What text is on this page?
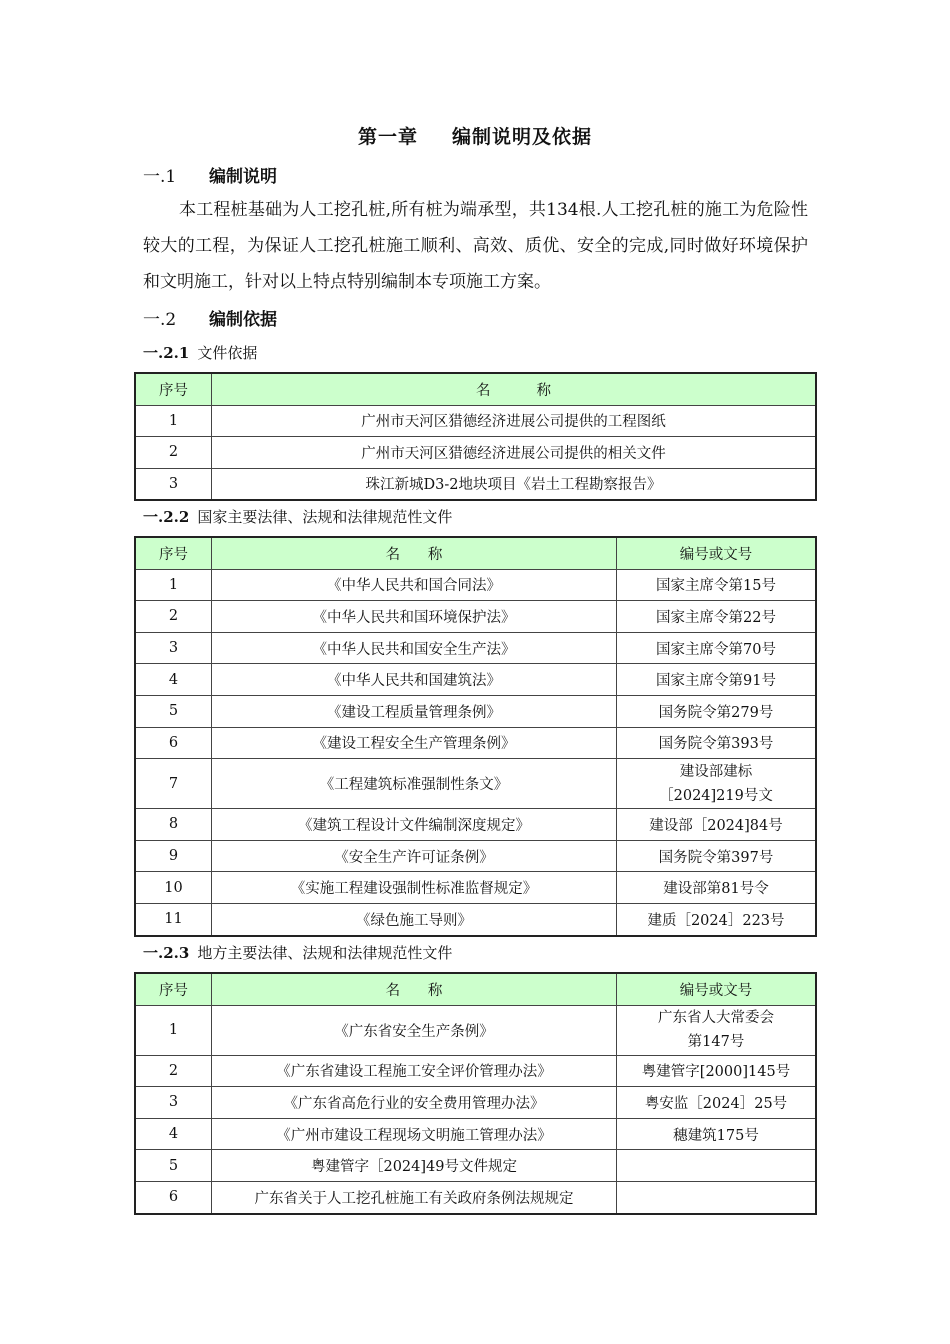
第一章 编制说明及依据
一.1 编制说明
本工程桩基础为人工挖孔桩,所有桩为端承型，共134根.人工挖孔桩的施工为危险性较大的工程，为保证人工挖孔桩施工顺利、高效、质优、安全的完成,同时做好环境保护和文明施工，针对以上特点特别编制本专项施工方案。
一.2 编制依据
一.2.1 文件依据
序号	名          称
1	广州市天河区猎德经济进展公司提供的工程图纸
2	广州市天河区猎德经济进展公司提供的相关文件
3	珠江新城D3-2地块项目《岩土工程勘察报告》
一.2.2 国家主要法律、法规和法律规范性文件
序号	名      称	编号或文号
1	《中华人民共和国合同法》	国家主席令第15号
2	《中华人民共和国环境保护法》	国家主席令第22号
3	《中华人民共和国安全生产法》	国家主席令第70号
4	《中华人民共和国建筑法》	国家主席令第91号
5	《建设工程质量管理条例》	国务院令第279号
6	《建设工程安全生产管理条例》	国务院令第393号
7	《工程建筑标准强制性条文》	建设部建标
［2024]219号文

8	《建筑工程设计文件编制深度规定》	建设部［2024]84号
9	《安全生产许可证条例》	国务院令第397号
10	《实施工程建设强制性标准监督规定》	建设部第81号令
11	《绿色施工导则》	建质［2024］223号
一.2.3 地方主要法律、法规和法律规范性文件
序号	名      称	编号或文号
1	《广东省安全生产条例》	广东省人大常委会
第147号

2	《广东省建设工程施工安全评价管理办法》	粤建管字[2000]145号
3	《广东省高危行业的安全费用管理办法》	粤安监［2024］25号
4	《广州市建设工程现场文明施工管理办法》	穗建筑175号
5	粤建管字［2024]49号文件规定	
6	广东省关于人工挖孔桩施工有关政府条例法规规定	
